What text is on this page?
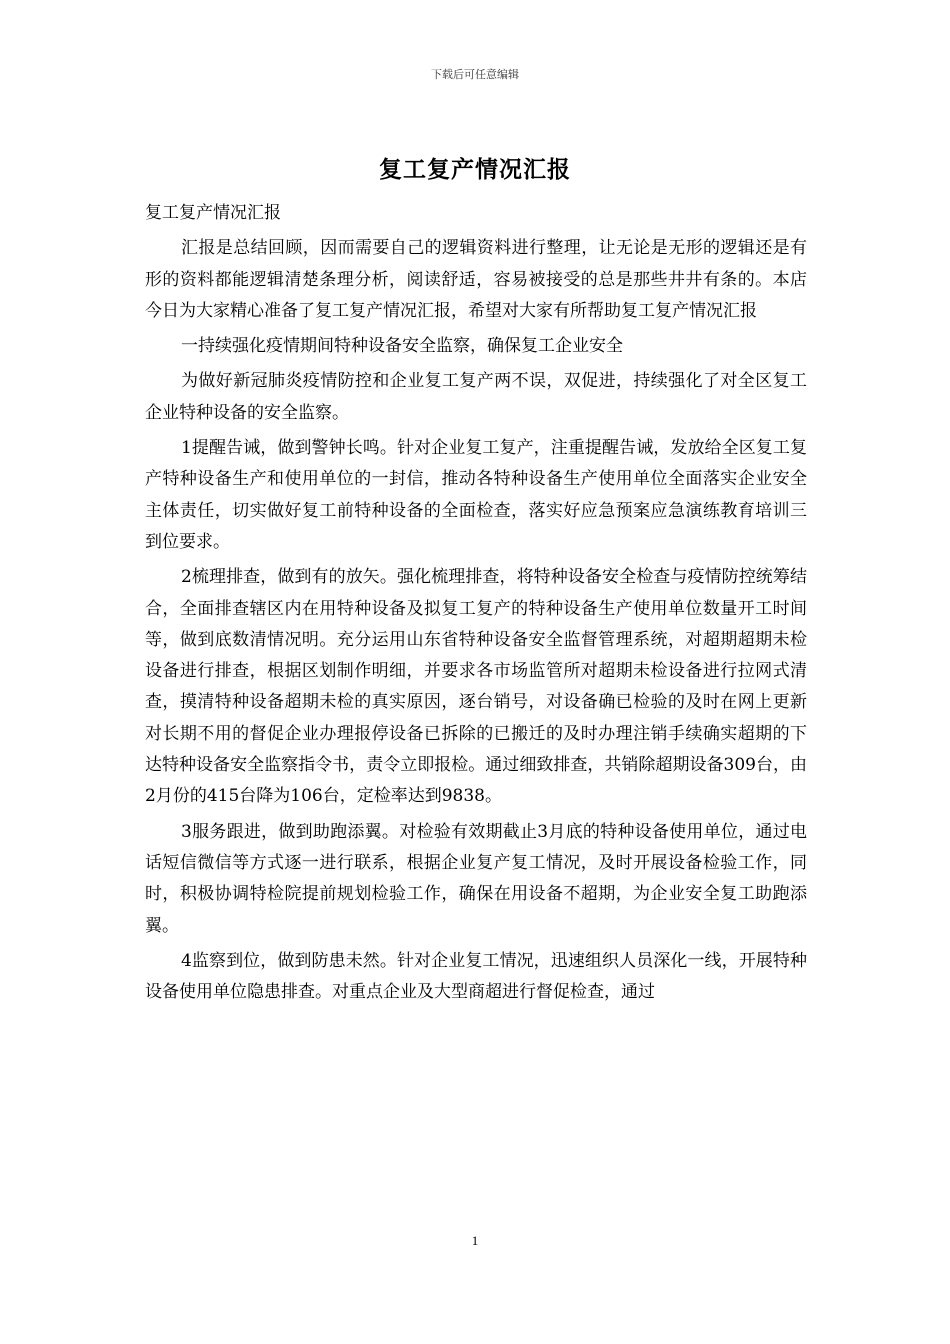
下载后可任意编辑
复工复产情况汇报

复工复产情况汇报

汇报是总结回顾，因而需要自己的逻辑资料进行整理，让无论是无形的逻辑还是有形的资料都能逻辑清楚条理分析，阅读舒适，容易被接受的总是那些井井有条的。本店今日为大家精心准备了复工复产情况汇报，希望对大家有所帮助复工复产情况汇报

一持续强化疫情期间特种设备安全监察，确保复工企业安全

为做好新冠肺炎疫情防控和企业复工复产两不误，双促进，持续强化了对全区复工企业特种设备的安全监察。

1提醒告诫，做到警钟长鸣。针对企业复工复产，注重提醒告诫，发放给全区复工复产特种设备生产和使用单位的一封信，推动各特种设备生产使用单位全面落实企业安全主体责任，切实做好复工前特种设备的全面检查，落实好应急预案应急演练教育培训三到位要求。

2梳理排查，做到有的放矢。强化梳理排查，将特种设备安全检查与疫情防控统筹结合，全面排查辖区内在用特种设备及拟复工复产的特种设备生产使用单位数量开工时间等，做到底数清情况明。充分运用山东省特种设备安全监督管理系统，对超期超期未检设备进行排查，根据区划制作明细，并要求各市场监管所对超期未检设备进行拉网式清查，摸清特种设备超期未检的真实原因，逐台销号，对设备确已检验的及时在网上更新对长期不用的督促企业办理报停设备已拆除的已搬迁的及时办理注销手续确实超期的下达特种设备安全监察指令书，责令立即报检。通过细致排查，共销除超期设备309台，由2月份的415台降为106台，定检率达到9838。

3服务跟进，做到助跑添翼。对检验有效期截止3月底的特种设备使用单位，通过电话短信微信等方式逐一进行联系，根据企业复产复工情况，及时开展设备检验工作，同时，积极协调特检院提前规划检验工作，确保在用设备不超期，为企业安全复工助跑添翼。

4监察到位，做到防患未然。针对企业复工情况，迅速组织人员深化一线，开展特种设备使用单位隐患排查。对重点企业及大型商超进行督促检查，通过

1
